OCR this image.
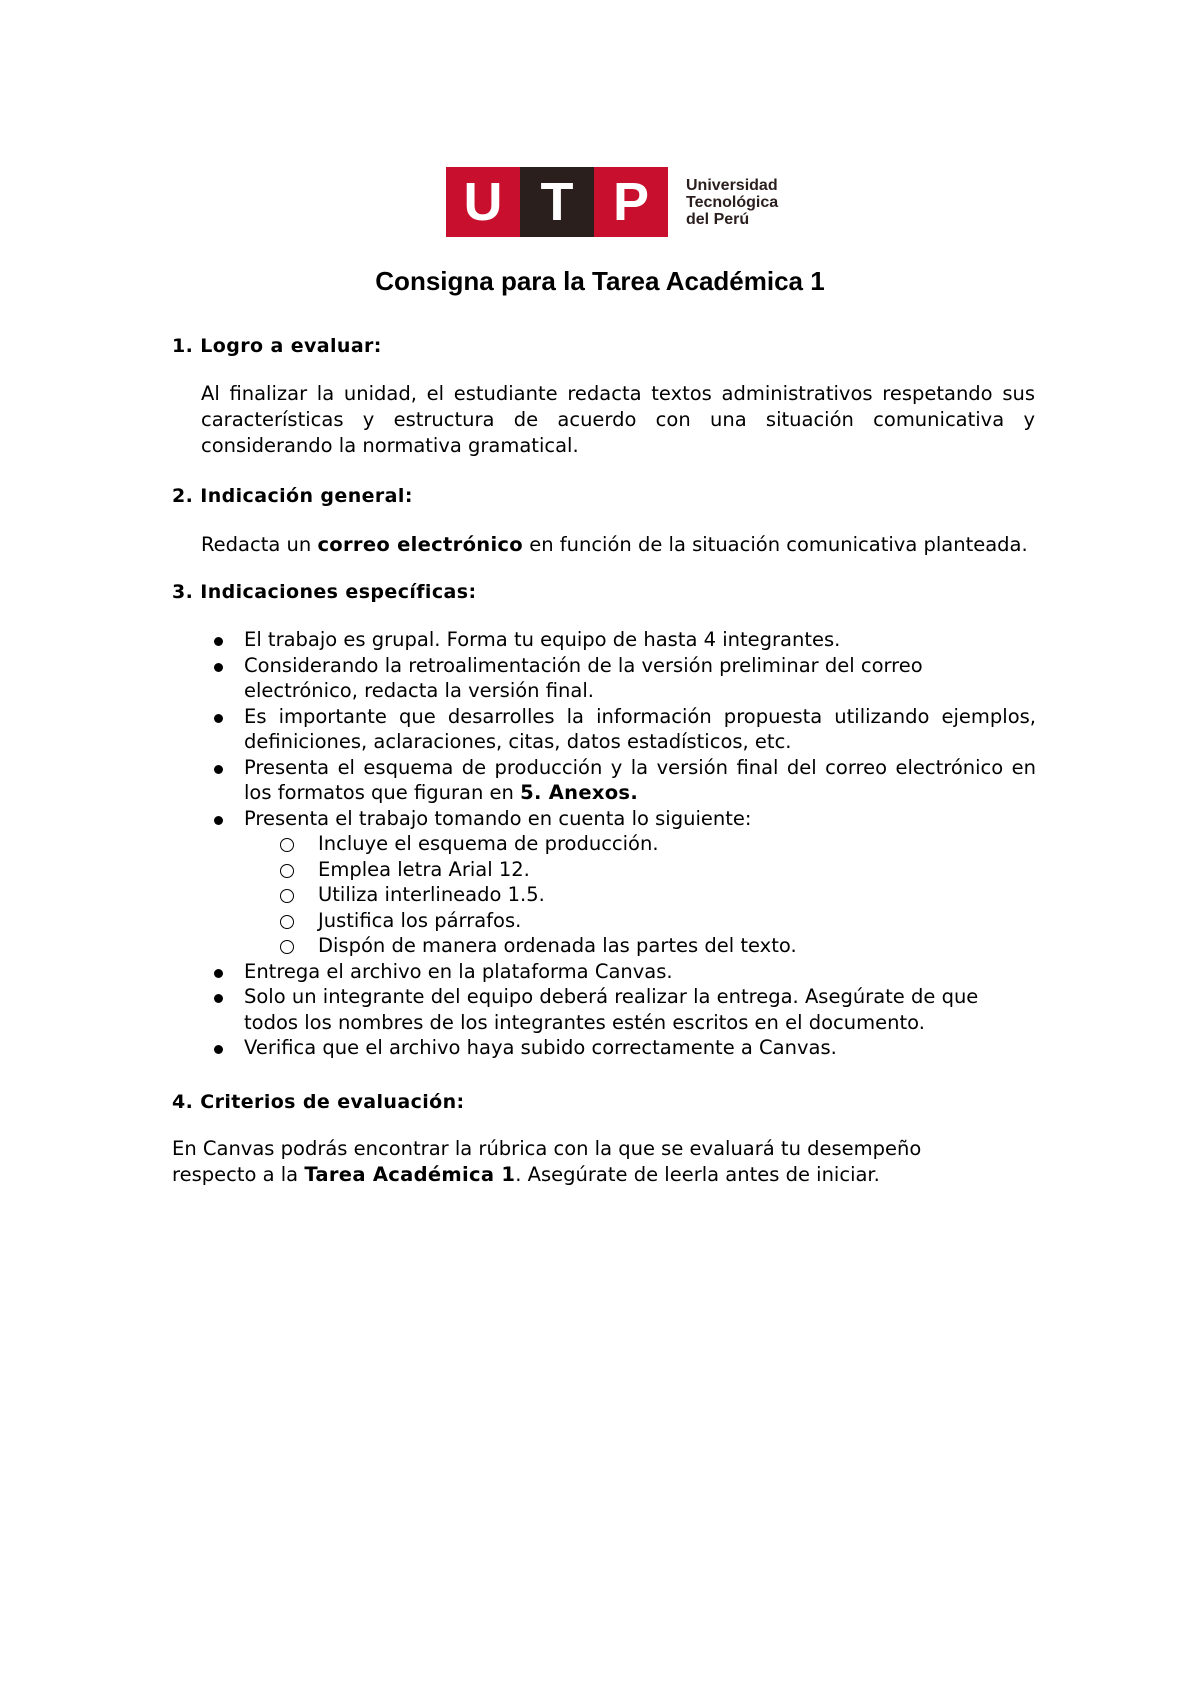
U T P	Universidad
Tecnológica
del Perú
Consigna para la Tarea Académica 1
1. Logro a evaluar:
Al finalizar la unidad, el estudiante redacta textos administrativos respetando sus características y estructura de acuerdo con una situación comunicativa y considerando la normativa gramatical.
2. Indicación general:
Redacta un correo electrónico en función de la situación comunicativa planteada.
3. Indicaciones específicas:
El trabajo es grupal. Forma tu equipo de hasta 4 integrantes.
Considerando la retroalimentación de la versión preliminar del correo electrónico, redacta la versión final.
Es importante que desarrolles la información propuesta utilizando ejemplos, definiciones, aclaraciones, citas, datos estadísticos, etc.
Presenta el esquema de producción y la versión final del correo electrónico en los formatos que figuran en 5. Anexos.
Presenta el trabajo tomando en cuenta lo siguiente:
Incluye el esquema de producción.
Emplea letra Arial 12.
Utiliza interlineado 1.5.
Justifica los párrafos.
Dispón de manera ordenada las partes del texto.
Entrega el archivo en la plataforma Canvas.
Solo un integrante del equipo deberá realizar la entrega. Asegúrate de que todos los nombres de los integrantes estén escritos en el documento.
Verifica que el archivo haya subido correctamente a Canvas.
4. Criterios de evaluación:
En Canvas podrás encontrar la rúbrica con la que se evaluará tu desempeño respecto a la Tarea Académica 1. Asegúrate de leerla antes de iniciar.
